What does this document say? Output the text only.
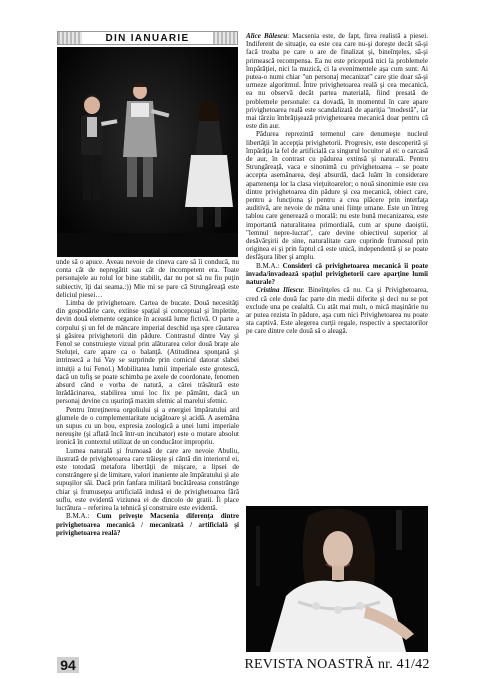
DIN IANUARIE

unde să o apuce. Aveau nevoie de cineva care să îi conducă, nu conta cât de nepregătit sau cât de incompetent era. Toate personajele au rolul lor bine stabilit, dar nu pot să nu fiu puţin subiectiv, îţi dai seama.:)) Mie mi se pare că Strungăreaţă este deliciul piesei…

Limba de privighetoare. Cartea de bucate. Două necesităţi din gospodărie care, extinse spaţial şi conceptual şi împletite, devin două elemente organice în această lume fictivă. O parte a corpului şi un fel de mâncare imperial deschid uşa spre căutarea şi găsirea privighetorii din pădure. Contrastul dintre Vay şi Fenol se construieşte vizual prin alăturarea celor două braţe ale Steluţei, care apare ca o balanţă. (Atitudinea sponţană şi intrinsecă a lui Vay se surprinde prin comicul datorat slabei intuiţii a lui Fenol.) Mobilitatea lumii imperiale este grotescă, dacă un tufiş se poate schimba pe axele de coordonate, fenomen absurd când e vorba de natură, a cărei trăsătură este înrădăcinarea, stabilirea unui loc fix pe pământ, dacă un personaj devine cu uşurinţă maxim sfetnic al marelui sfetnic.

Pentru întreţinerea orgoliului şi a energiei împăratului ard glumele de o complementaritate ucigătoare şi acidă. A asemăna un supus cu un bou, expresia zoologică a unei lumi imperiale nereuşite (şi aflată încă într-un incubator) este o mutare absolut ironică în contextul utilizat de un conducător impropriu.

Lumea naturală şi frumoasă de care are nevoie Abuliu, ilustrată de privighetoarea care trăieşte şi cântă din interiorul ei, este totodată metafora libertăţii de mişcare, a lipsei de constrângere şi de limitare, valori inaniente ale împăratului şi ale supuşilor săi. Dacă prin fanfara militară bucătăreasa constrânge chiar şi frumuseţea artificială indusă ei de privighetoarea fără suflu, este evidentă viziunea ei de dincolo de gratii. Îi place lucrătura – referirea la tehnică şi construire este evidentă.

B.M.A.: Cum priveşte Macsenia diferenţa dintre privighetoarea mecanică / mecanizată / artificială şi privighetoarea reală?

Alice Bălescu: Macsenia este, de fapt, firea realistă a piesei. Indiferent de situaţie, ea este cea care nu-şi doreşte decât să-şi facă treaba pe care o are de finalizat şi, bineînţeles, să-şi primească recompensa. Ea nu este pricepută nici la problemele împărăţiei, nici la muzică, ci la evenimentele aşa cum sunt. Ai putea-o numi chiar "un personaj mecanizat" care ştie doar să-şi urmeze algoritmul. Între privighetoarea reală şi cea mecanică, ea nu observă decât partea materială, fiind presată de problemele personale: ca dovadă, în momentul în care apare privighetoarea reală este scandalizată de apariţia "modestă", iar mai târziu îmbrăţişează privighetoarea mecanică doar pentru că este din aur.

Pădurea reprezintă termenul care denumeşte nucleul libertăţii în accepţia privighetorii. Progresiv, este descoperită şi împărăţia la fel de artificială ca singurul locuitor al ei: o carcasă de aur, în contrast cu pădurea extinsă şi naturală. Pentru Strungăreaţă, vaca e sinonimă cu privighetoarea – se poate accepta asemănarea, deşi absurdă, dacă luăm în considerare apartenenţa lor la clasa vieţuitoarelor; o nouă sinonimie este cea dintre privighetoarea din pădure şi cea mecanică, obiect care, pentru a funcţiona şi pentru a crea plăcere prin interfaţa auditivă, are nevoie de mâna unei fiinţe umane. Este un întreg tablou care generează o morală: nu este bună mecanizarea, este importantă naturalitatea primordială, cum ar spune daoiştii, "lemnul nepre-lucrat", care devine obiectivul superior al desăvârşirii de sine, naturalitate care cuprinde frumosul prin originea ei şi prin faptul că este unică, independentă şi se poate desfăşura liber şi amplu.

B.M.A.: Consideri că privighetoarea mecanică îi poate invada/invadează spaţiul privighetorii care aparţine lumii naturale?

Cristina Iliescu: Bineînţeles că nu. Ca şi Privighetoarea, cred că cele două fac parte din medii diferite şi deci nu se pot exclude una pe cealaltă. Cu atât mai mult, o mică maşinărie nu ar putea rezista în pădure, aşa cum nici Privighetoarea nu poate sta captivă. Este alegerea curţii regale, respectiv a spectatorilor pe care dintre cele două să o aleagă.

94	REVISTA NOASTRĂ nr. 41/42
